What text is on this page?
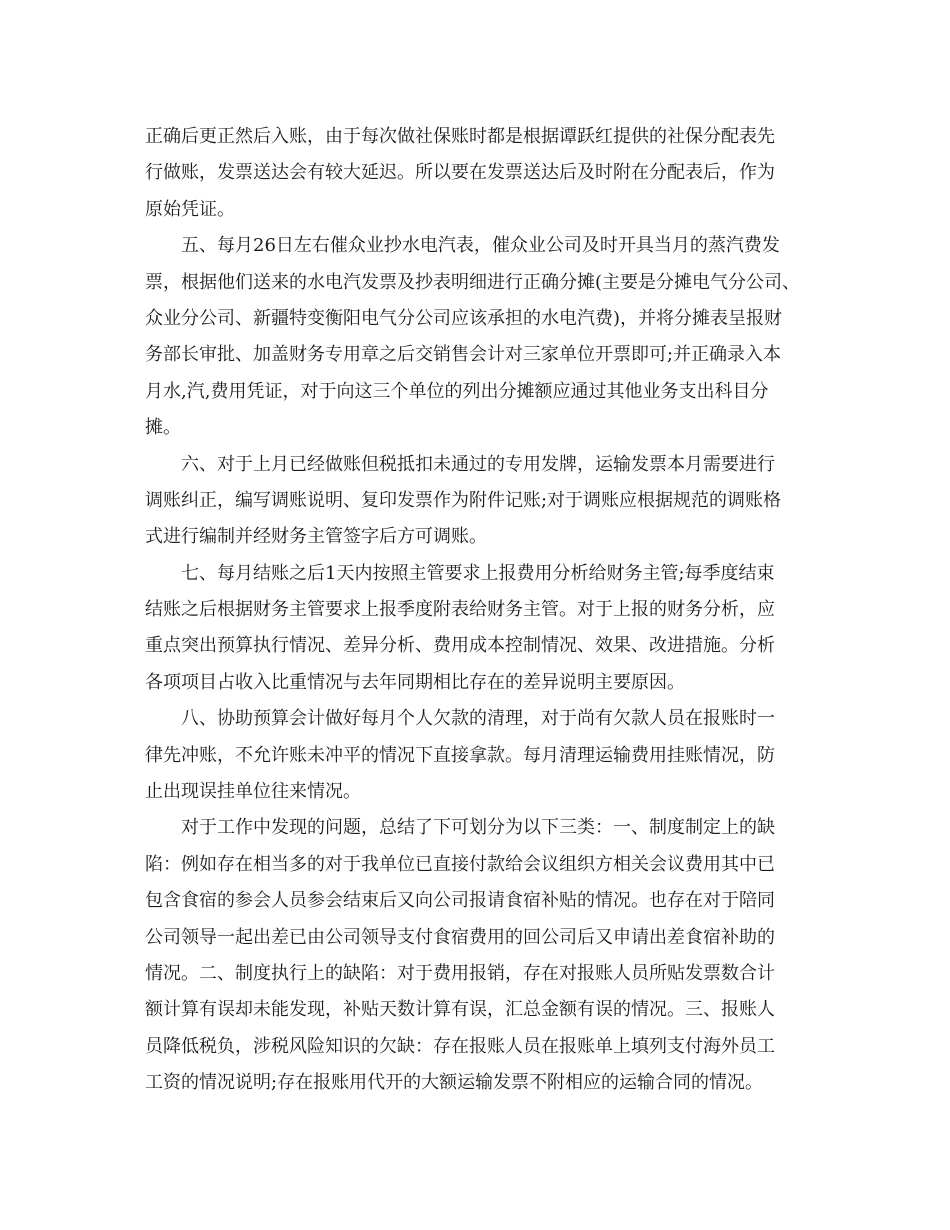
正确后更正然后入账，由于每次做社保账时都是根据谭跃红提供的社保分配表先

行做账，发票送达会有较大延迟。所以要在发票送达后及时附在分配表后，作为

原始凭证。

　　五、每月26日左右催众业抄水电汽表，催众业公司及时开具当月的蒸汽费发

票，根据他们送来的水电汽发票及抄表明细进行正确分摊(主要是分摊电气分公司、

众业分公司、新疆特变衡阳电气分公司应该承担的水电汽费)，并将分摊表呈报财

务部长审批、加盖财务专用章之后交销售会计对三家单位开票即可;并正确录入本

月水,汽,费用凭证，对于向这三个单位的列出分摊额应通过其他业务支出科目分

摊。

　　六、对于上月已经做账但税抵扣未通过的专用发牌，运输发票本月需要进行

调账纠正，编写调账说明、复印发票作为附件记账;对于调账应根据规范的调账格

式进行编制并经财务主管签字后方可调账。

　　七、每月结账之后1天内按照主管要求上报费用分析给财务主管;每季度结束

结账之后根据财务主管要求上报季度附表给财务主管。对于上报的财务分析，应

重点突出预算执行情况、差异分析、费用成本控制情况、效果、改进措施。分析

各项项目占收入比重情况与去年同期相比存在的差异说明主要原因。

　　八、协助预算会计做好每月个人欠款的清理，对于尚有欠款人员在报账时一

律先冲账，不允许账未冲平的情况下直接拿款。每月清理运输费用挂账情况，防

止出现误挂单位往来情况。

　　对于工作中发现的问题，总结了下可划分为以下三类：一、制度制定上的缺

陷：例如存在相当多的对于我单位已直接付款给会议组织方相关会议费用其中已

包含食宿的参会人员参会结束后又向公司报请食宿补贴的情况。也存在对于陪同

公司领导一起出差已由公司领导支付食宿费用的回公司后又申请出差食宿补助的

情况。二、制度执行上的缺陷：对于费用报销，存在对报账人员所贴发票数合计

额计算有误却未能发现，补贴天数计算有误，汇总金额有误的情况。三、报账人

员降低税负，涉税风险知识的欠缺：存在报账人员在报账单上填列支付海外员工

工资的情况说明;存在报账用代开的大额运输发票不附相应的运输合同的情况。
